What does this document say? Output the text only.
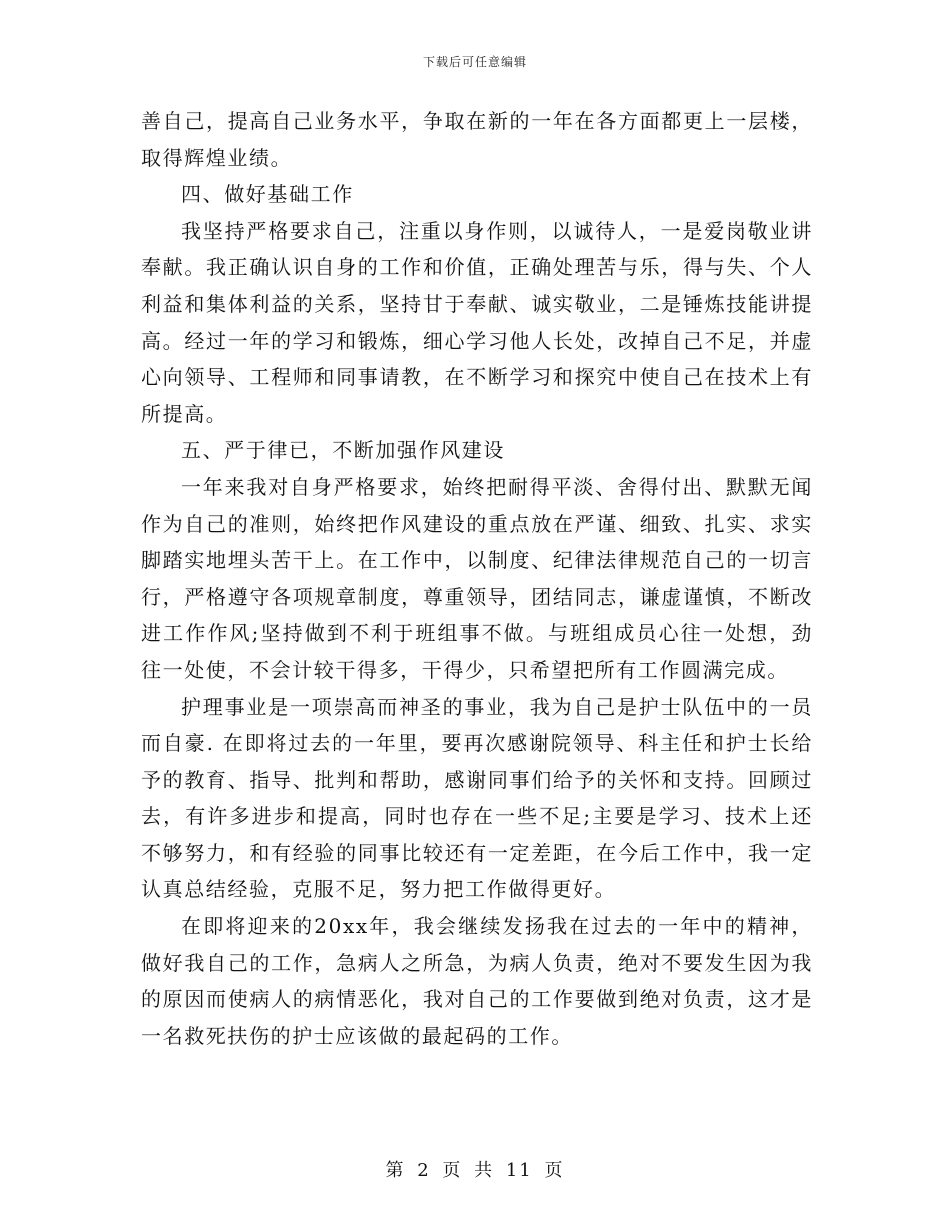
下载后可任意编辑

善自己，提高自己业务水平，争取在新的一年在各方面都更上一层楼，取得辉煌业绩。

四、做好基础工作

我坚持严格要求自己，注重以身作则，以诚待人，一是爱岗敬业讲奉献。我正确认识自身的工作和价值，正确处理苦与乐，得与失、个人利益和集体利益的关系，坚持甘于奉献、诚实敬业，二是锤炼技能讲提高。经过一年的学习和锻炼，细心学习他人长处，改掉自己不足，并虚心向领导、工程师和同事请教，在不断学习和探究中使自己在技术上有所提高。

五、严于律已，不断加强作风建设

一年来我对自身严格要求，始终把耐得平淡、舍得付出、默默无闻作为自己的准则，始终把作风建设的重点放在严谨、细致、扎实、求实脚踏实地埋头苦干上。在工作中，以制度、纪律法律规范自己的一切言行，严格遵守各项规章制度，尊重领导，团结同志，谦虚谨慎，不断改进工作作风;坚持做到不利于班组事不做。与班组成员心往一处想，劲往一处使，不会计较干得多，干得少，只希望把所有工作圆满完成。

护理事业是一项崇高而神圣的事业，我为自己是护士队伍中的一员而自豪. 在即将过去的一年里，要再次感谢院领导、科主任和护士长给予的教育、指导、批判和帮助，感谢同事们给予的关怀和支持。回顾过去，有许多进步和提高，同时也存在一些不足;主要是学习、技术上还不够努力，和有经验的同事比较还有一定差距，在今后工作中，我一定认真总结经验，克服不足，努力把工作做得更好。

在即将迎来的20xx年，我会继续发扬我在过去的一年中的精神，做好我自己的工作，急病人之所急，为病人负责，绝对不要发生因为我的原因而使病人的病情恶化，我对自己的工作要做到绝对负责，这才是一名救死扶伤的护士应该做的最起码的工作。

第 2 页 共 11 页
